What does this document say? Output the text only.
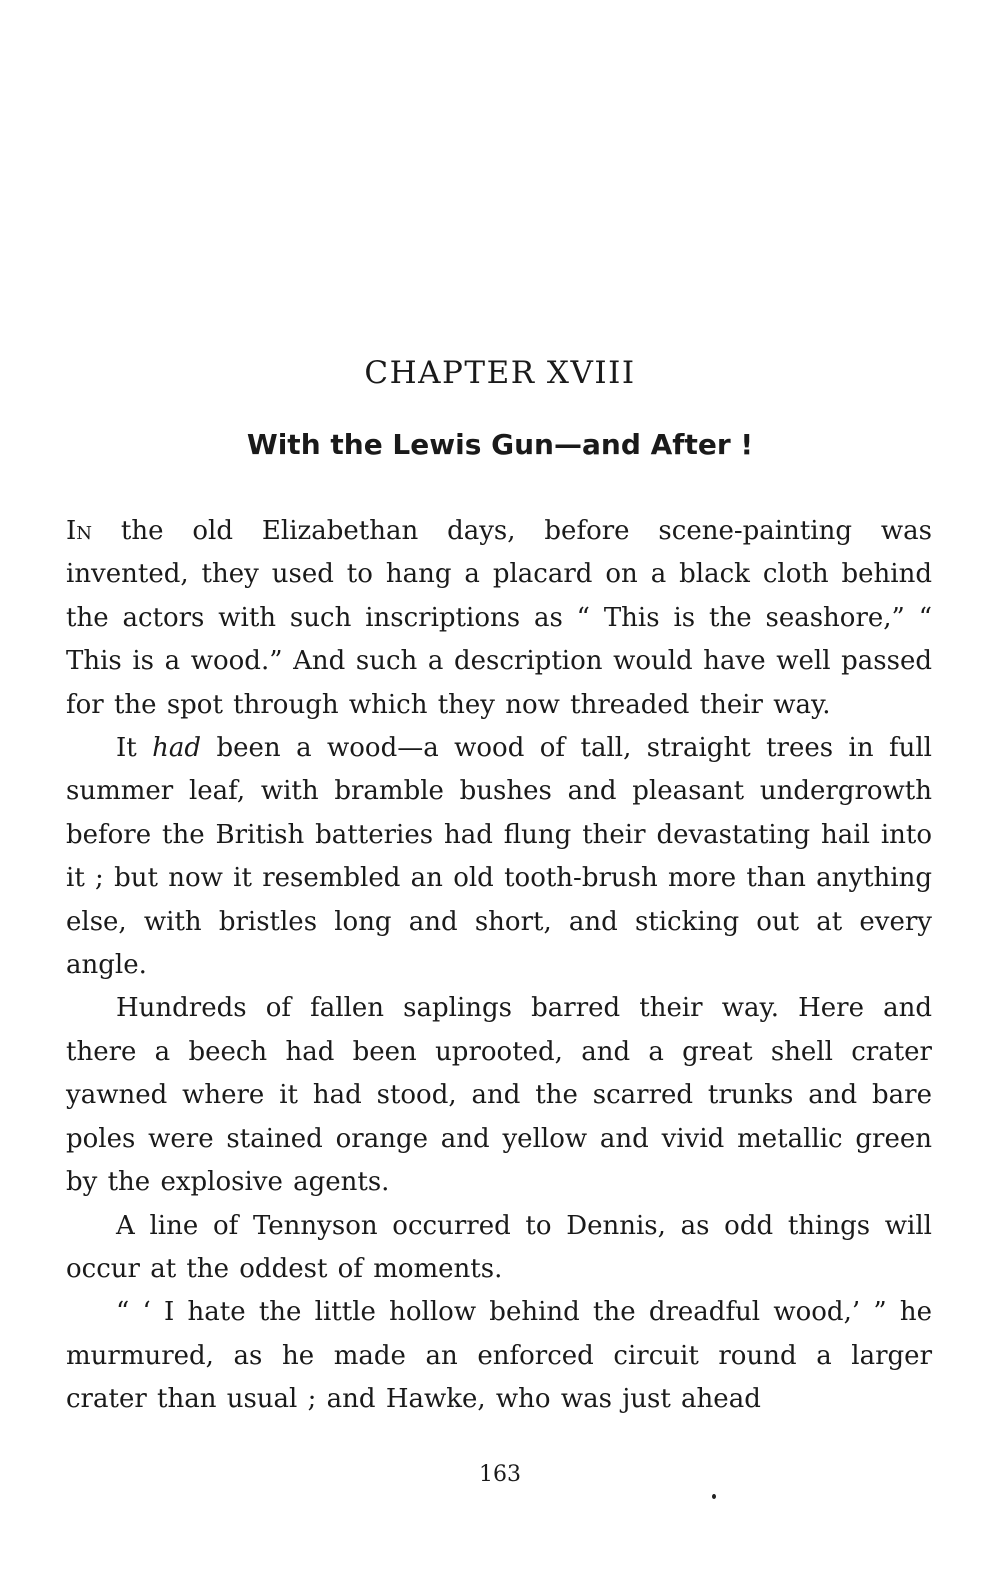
CHAPTER XVIII
With the Lewis Gun—and After !

In the old Elizabethan days, before scene-painting was invented, they used to hang a placard on a black cloth behind the actors with such inscriptions as “ This is the seashore,” “ This is a wood.” And such a description would have well passed for the spot through which they now threaded their way.

It had been a wood—a wood of tall, straight trees in full summer leaf, with bramble bushes and pleasant undergrowth before the British batteries had flung their devastating hail into it ; but now it resembled an old tooth-brush more than anything else, with bristles long and short, and sticking out at every angle.

Hundreds of fallen saplings barred their way. Here and there a beech had been uprooted, and a great shell crater yawned where it had stood, and the scarred trunks and bare poles were stained orange and yellow and vivid metallic green by the explosive agents.

A line of Tennyson occurred to Dennis, as odd things will occur at the oddest of moments.

“ ‘ I hate the little hollow behind the dreadful wood,’ ” he murmured, as he made an enforced circuit round a larger crater than usual ; and Hawke, who was just ahead

163
